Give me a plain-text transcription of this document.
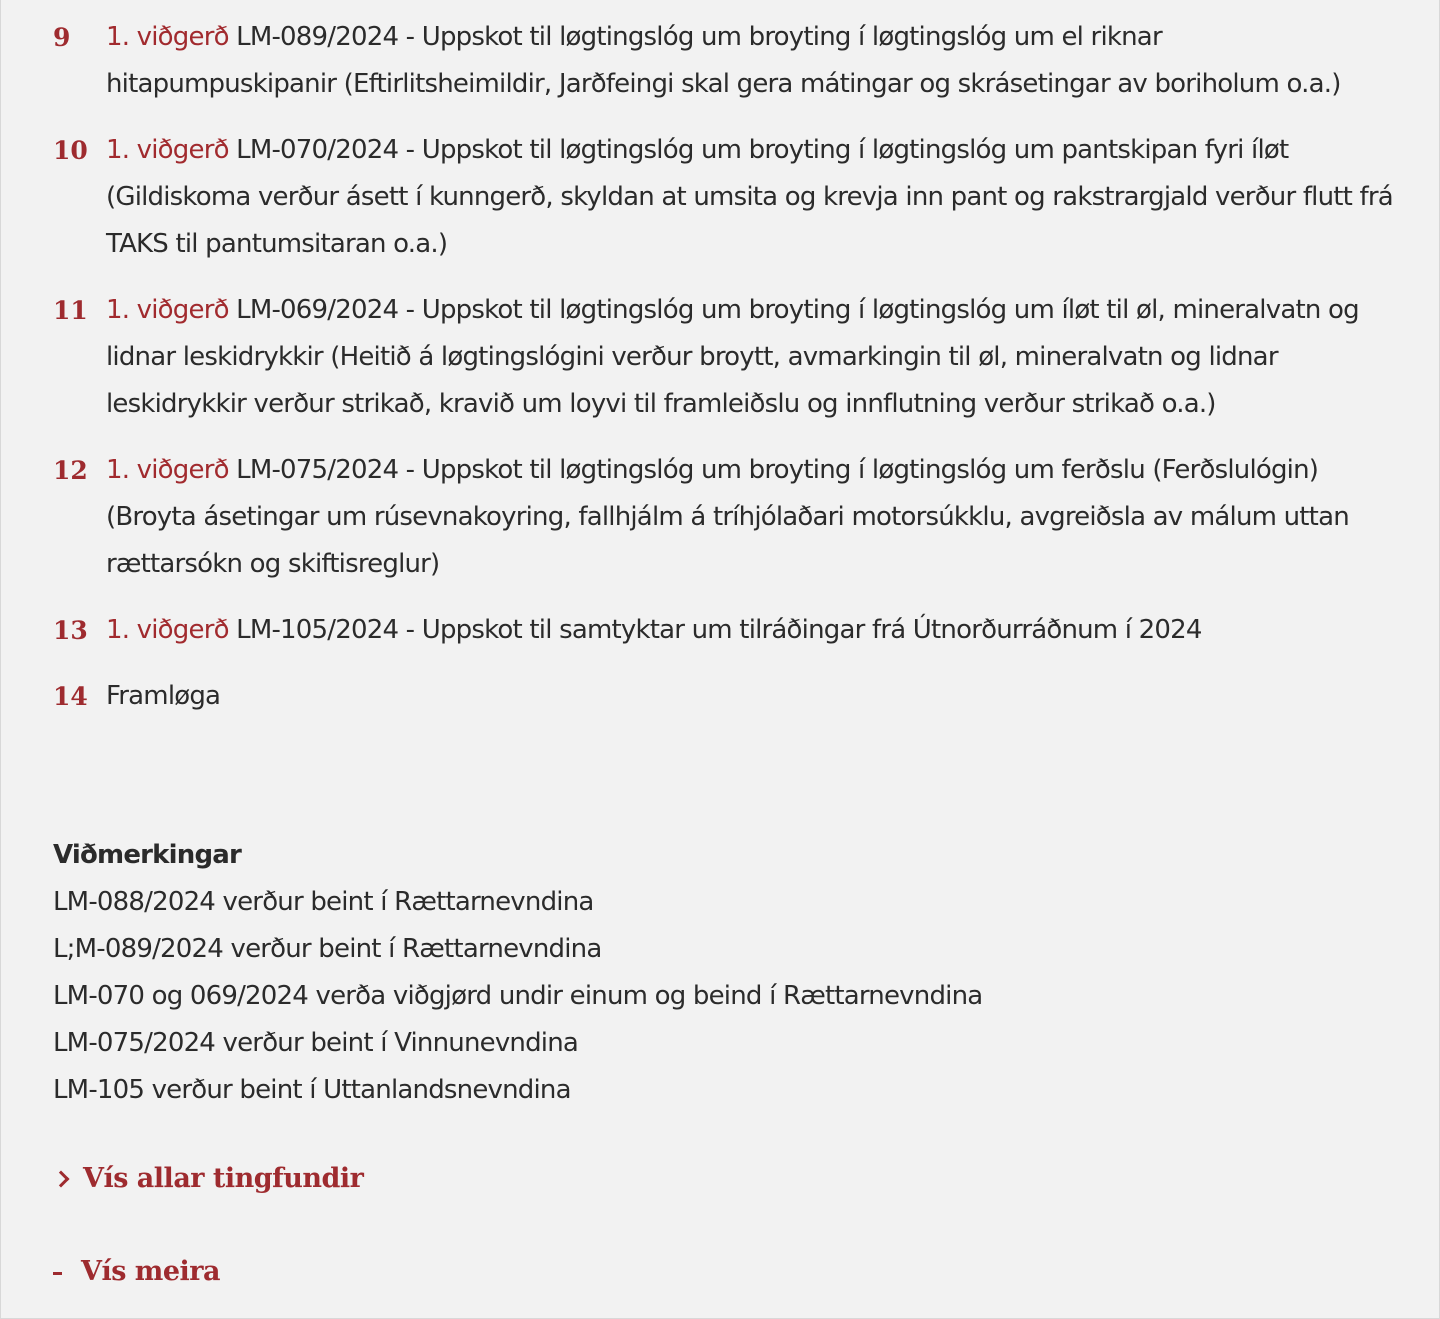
9	1. viðgerð LM-089/2024 - Uppskot til løgtingslóg um broyting í løgtingslóg um el riknar hitapumpuskipanir (Eftirlitsheimildir, Jarðfeingi skal gera mátingar og skrásetingar av boriholum o.a.)
10 1. viðgerð LM-070/2024 - Uppskot til løgtingslóg um broyting í løgtingslóg um pantskipan fyri íløt (Gildiskoma verður ásett í kunngerð, skyldan at umsita og krevja inn pant og rakstrargjald verður flutt frá TAKS til pantumsitaran o.a.)
11 1. viðgerð LM-069/2024 - Uppskot til løgtingslóg um broyting í løgtingslóg um íløt til øl, mineralvatn og lidnar leskidrykkir (Heitið á løgtingslógini verður broytt, avmarkingin til øl, mineralvatn og lidnar leskidrykkir verður strikað, kravið um loyvi til framleiðslu og innflutning verður strikað o.a.)
12 1. viðgerð LM-075/2024 - Uppskot til løgtingslóg um broyting í løgtingslóg um ferðslu (Ferðslulógin) (Broyta ásetingar um rúsevnakoyring, fallhjálm á tríhjólaðari motorsúkklu, avgreiðsla av málum uttan rættarsókn og skiftisreglur)
13 1. viðgerð LM-105/2024 - Uppskot til samtyktar um tilráðingar frá Útnorðurráðnum í 2024
14 Framløga
Viðmerkingar
LM-088/2024 verður beint í Rættarnevndina
L;M-089/2024 verður beint í Rættarnevndina
LM-070 og 069/2024 verða viðgjørd undir einum og beind í Rættarnevndina
LM-075/2024 verður beint í Vinnunevndina
LM-105 verður beint í Uttanlandsnevndina
Vís allar tingfundir
Vís meira
